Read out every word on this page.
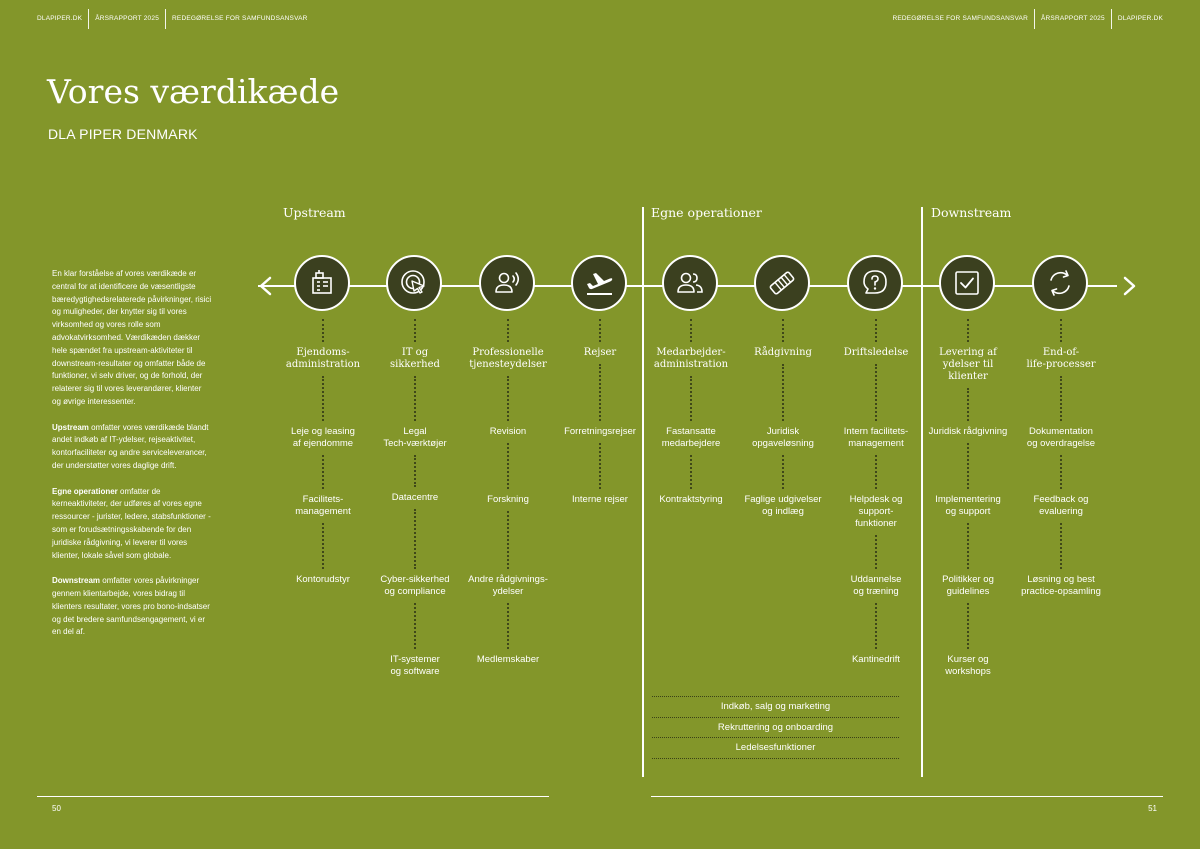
DLAPIPER.DK	ÅRSRAPPORT 2025	REDEGØRELSE FOR SAMFUNDSANSVAR	REDEGØRELSE FOR SAMFUNDSANSVAR	ÅRSRAPPORT 2025	DLAPIPER.DK
Vores værdikæde
DLA PIPER DENMARK

En klar forståelse af vores værdikæde er central for at identificere de væsentligste bæredygtighedsrelaterede påvirkninger, risici og muligheder, der knytter sig til vores virksomhed og vores rolle som advokatvirksomhed. Værdikæden dækker hele spændet fra upstream-aktiviteter til downstream-resultater og omfatter både de funktioner, vi selv driver, og de forhold, der relaterer sig til vores leverandører, klienter og øvrige interessenter.

Upstream omfatter vores værdikæde blandt andet indkøb af IT-ydelser, rejseaktivitet, kontorfaciliteter og andre serviceleverancer, der understøtter vores daglige drift.

Egne operationer omfatter de kerneaktiviteter, der udføres af vores egne ressourcer - jurister, ledere, stabsfunktioner - som er forudsætningsskabende for den juridiske rådgivning, vi leverer til vores klienter, lokale såvel som globale.

Downstream omfatter vores påvirkninger gennem klientarbejde, vores bidrag til klienters resultater, vores pro bono-indsatser og det bredere samfundsengagement, vi er en del af.

Upstream	Egne operationer	Downstream
Ejendoms-
administration
Leje og leasing
af ejendomme
Facilitets-
management
Kontorudstyr
IT og
sikkerhed
Legal
Tech-værktøjer
Datacentre
Cyber-sikkerhed
og compliance
IT-systemer
og software
Professionelle
tjenesteydelser
Revision
Forskning
Andre rådgivnings-
ydelser
Medlemskaber
Rejser
Forretningsrejser
Interne rejser
Medarbejder-
administration
Fastansatte
medarbejdere
Kontraktstyring
Rådgivning
Juridisk
opgaveløsning
Faglige udgivelser
og indlæg
Driftsledelse
Intern facilitets-
management
Helpdesk og
support-
funktioner
Uddannelse
og træning
Kantinedrift
Levering af
ydelser til
klienter
Juridisk rådgivning
Implementering
og support
Politikker og
guidelines
Kurser og
workshops
End-of-
life-processer
Dokumentation
og overdragelse
Feedback og
evaluering
Løsning og best
practice-opsamling
Indkøb, salg og marketing
Rekruttering og onboarding
Ledelsesfunktioner
50	51
